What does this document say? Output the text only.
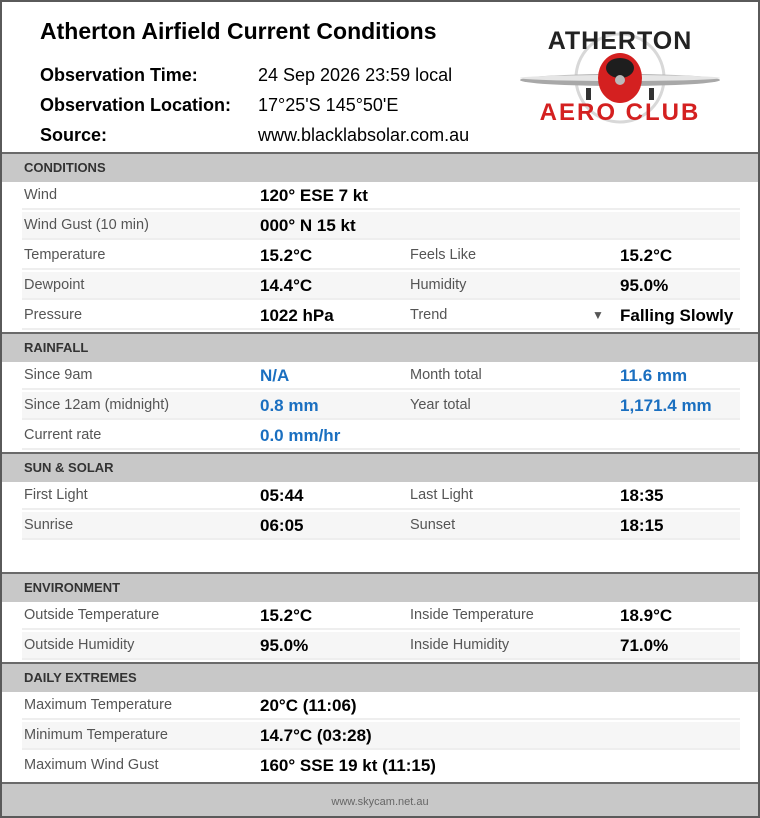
Atherton Airfield Current Conditions
Observation Time:	24 Sep 2026 23:59 local
Observation Location: 17°25'S 145°50'E
Source:	www.blacklabsolar.com.au
ATHERTON
AERO CLUB
CONDITIONS
Wind	120° ESE 7 kt
Wind Gust (10 min)	000° N 15 kt
Temperature	15.2°C	Feels Like	15.2°C
Dewpoint	14.4°C	Humidity	95.0%
Pressure	1022 hPa	Trend	▼ Falling Slowly
RAINFALL
Since 9am	N/A	Month total	11.6 mm
Since 12am (midnight)	0.8 mm	Year total	1,171.4 mm
Current rate	0.0 mm/hr
SUN & SOLAR
First Light	05:44	Last Light	18:35
Sunrise	06:05	Sunset	18:15
ENVIRONMENT
Outside Temperature	15.2°C	Inside Temperature	18.9°C
Outside Humidity	95.0%	Inside Humidity	71.0%
DAILY EXTREMES
Maximum Temperature	20°C (11:06)
Minimum Temperature	14.7°C (03:28)
Maximum Wind Gust	160° SSE 19 kt (11:15)
www.skycam.net.au
